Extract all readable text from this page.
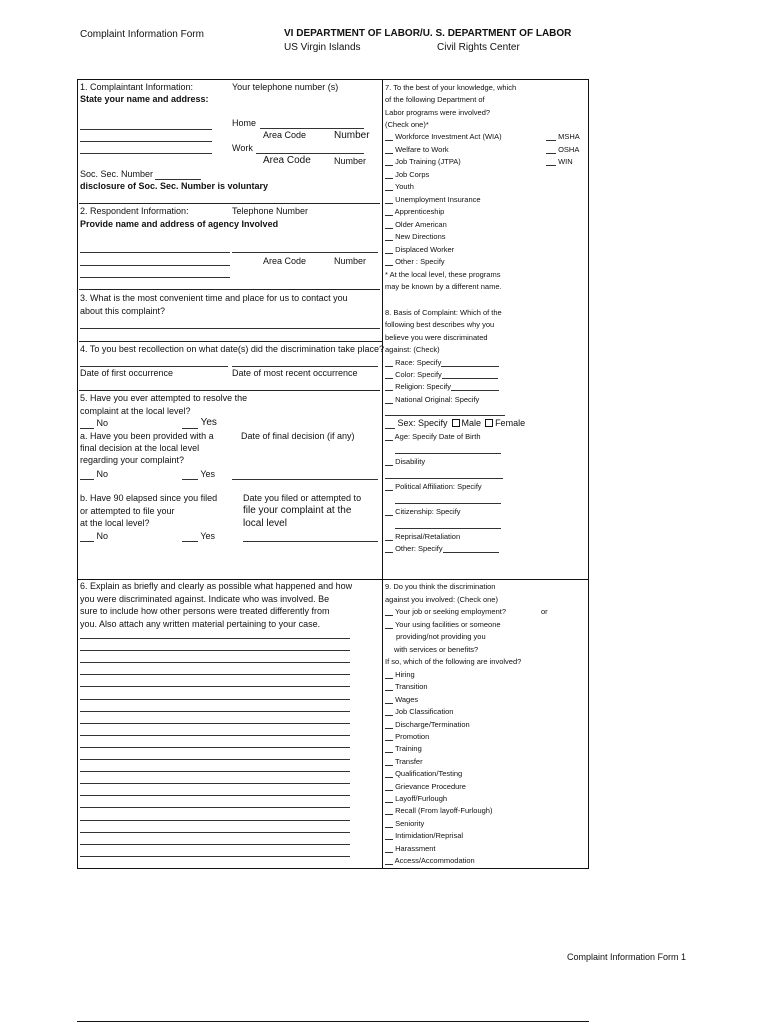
Complaint Information Form	VI DEPARTMENT OF LABOR/U. S. DEPARTMENT OF LABOR
US Virgin Islands	Civil Rights Center
1. Complaintant Information:	Your telephone number (s)
State your name and address:
Home
Area Code	Number
Work
Area Code	Number
Soc. Sec. Number
disclosure of Soc. Sec. Number is voluntary
2. Respondent Information:	Telephone Number
Provide name and address of agency Involved
Area Code	Number
3. What is the most convenient time and place for us to contact you
about this complaint?
4. To you best recollection on what date(s) did the discrimination take place?
Date of first occurrence	Date of most recent occurrence
5. Have you ever attempted to resolve the
complaint at the local level?
No	Yes
a. Have you been provided with a
final decision at the local level
regarding your complaint?
Date of final decision (if any)
No	Yes
b. Have 90 elapsed since you filed
or attempted to file your
at the local level?
Date you filed or attempted to
file your complaint at the
local level
No	Yes
6. Explain as briefly and clearly as possible what happened and how
you were discriminated against. Indicate who was involved. Be
sure to include how other persons were treated differently from
you. Also attach any written material pertaining to your case.
7. To the best of your knowledge, which
of the following Department of
Labor programs were involved?
(Check one)*
Workforce Investment Act (WIA)
Welfare to Work
Job Training (JTPA)
Job Corps
Youth
Unemployment Insurance
Apprenticeship
Older American
New Directions
Displaced Worker
Other : Specify
MSHA
OSHA
WIN
* At the local level, these programs
may be known by a different name.
8. Basis of Complaint: Which of the
following best describes why you
believe you were discriminated
against: (Check)
Race: Specify
Color: Specify
Religion: Specify
National Original: Specify
Sex: Specify Male Female
Age: Specify Date of Birth
Disability
Political Affiliation: Specify
Citizenship: Specify
Reprisal/Retaliation
Other: Specify
9. Do you think the discrimination
against you involved: (Check one)
Your job or seeking employment?	or
Your using facilities or someone
providing/not providing you
with services or benefits?
If so, which of the following are involved?
Hiring
Transition
Wages
Job Classification
Discharge/Termination
Promotion
Training
Transfer
Qualification/Testing
Grievance Procedure
Layoff/Furlough
Recall (From layoff-Furlough)
Seniority
Intimidation/Reprisal
Harassment
Access/Accommodation
Complaint Information Form 1
